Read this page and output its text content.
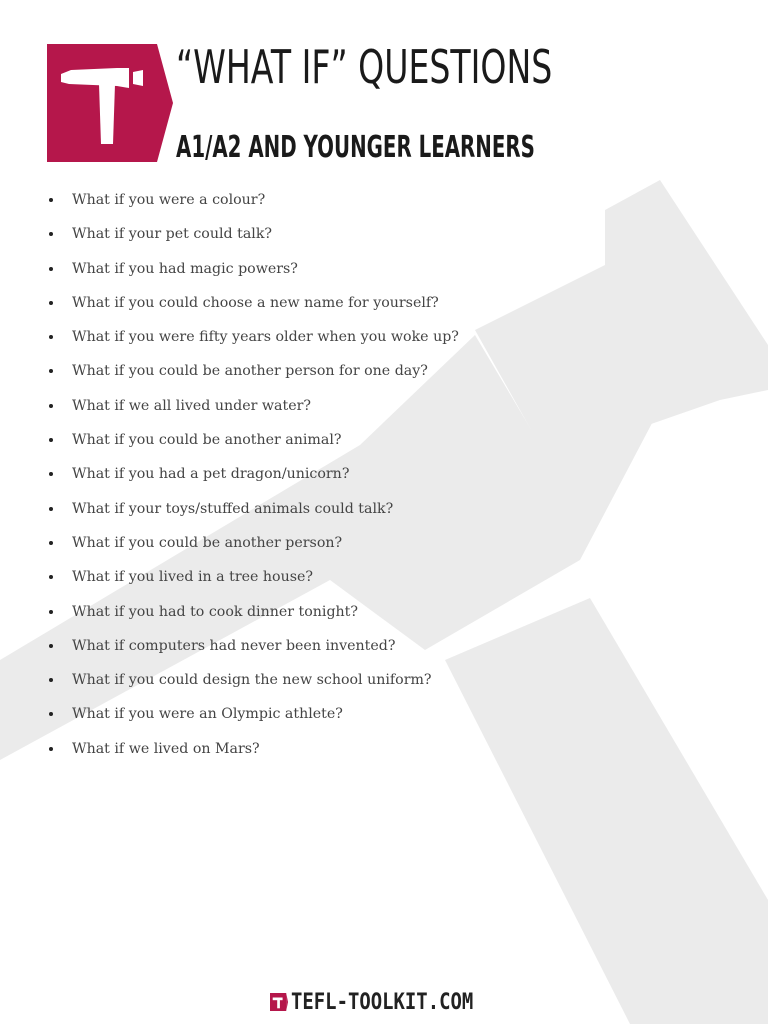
“WHAT IF” QUESTIONS
A1/A2 AND YOUNGER LEARNERS
What if you were a colour?
What if your pet could talk?
What if you had magic powers?
What if you could choose a new name for yourself?
What if you were fifty years older when you woke up?
What if you could be another person for one day?
What if we all lived under water?
What if you could be another animal?
What if you had a pet dragon/unicorn?
What if your toys/stuffed animals could talk?
What if you could be another person?
What if you lived in a tree house?
What if you had to cook dinner tonight?
What if computers had never been invented?
What if you could design the new school uniform?
What if you were an Olympic athlete?
What if we lived on Mars?
TEFL-TOOLKIT.COM
